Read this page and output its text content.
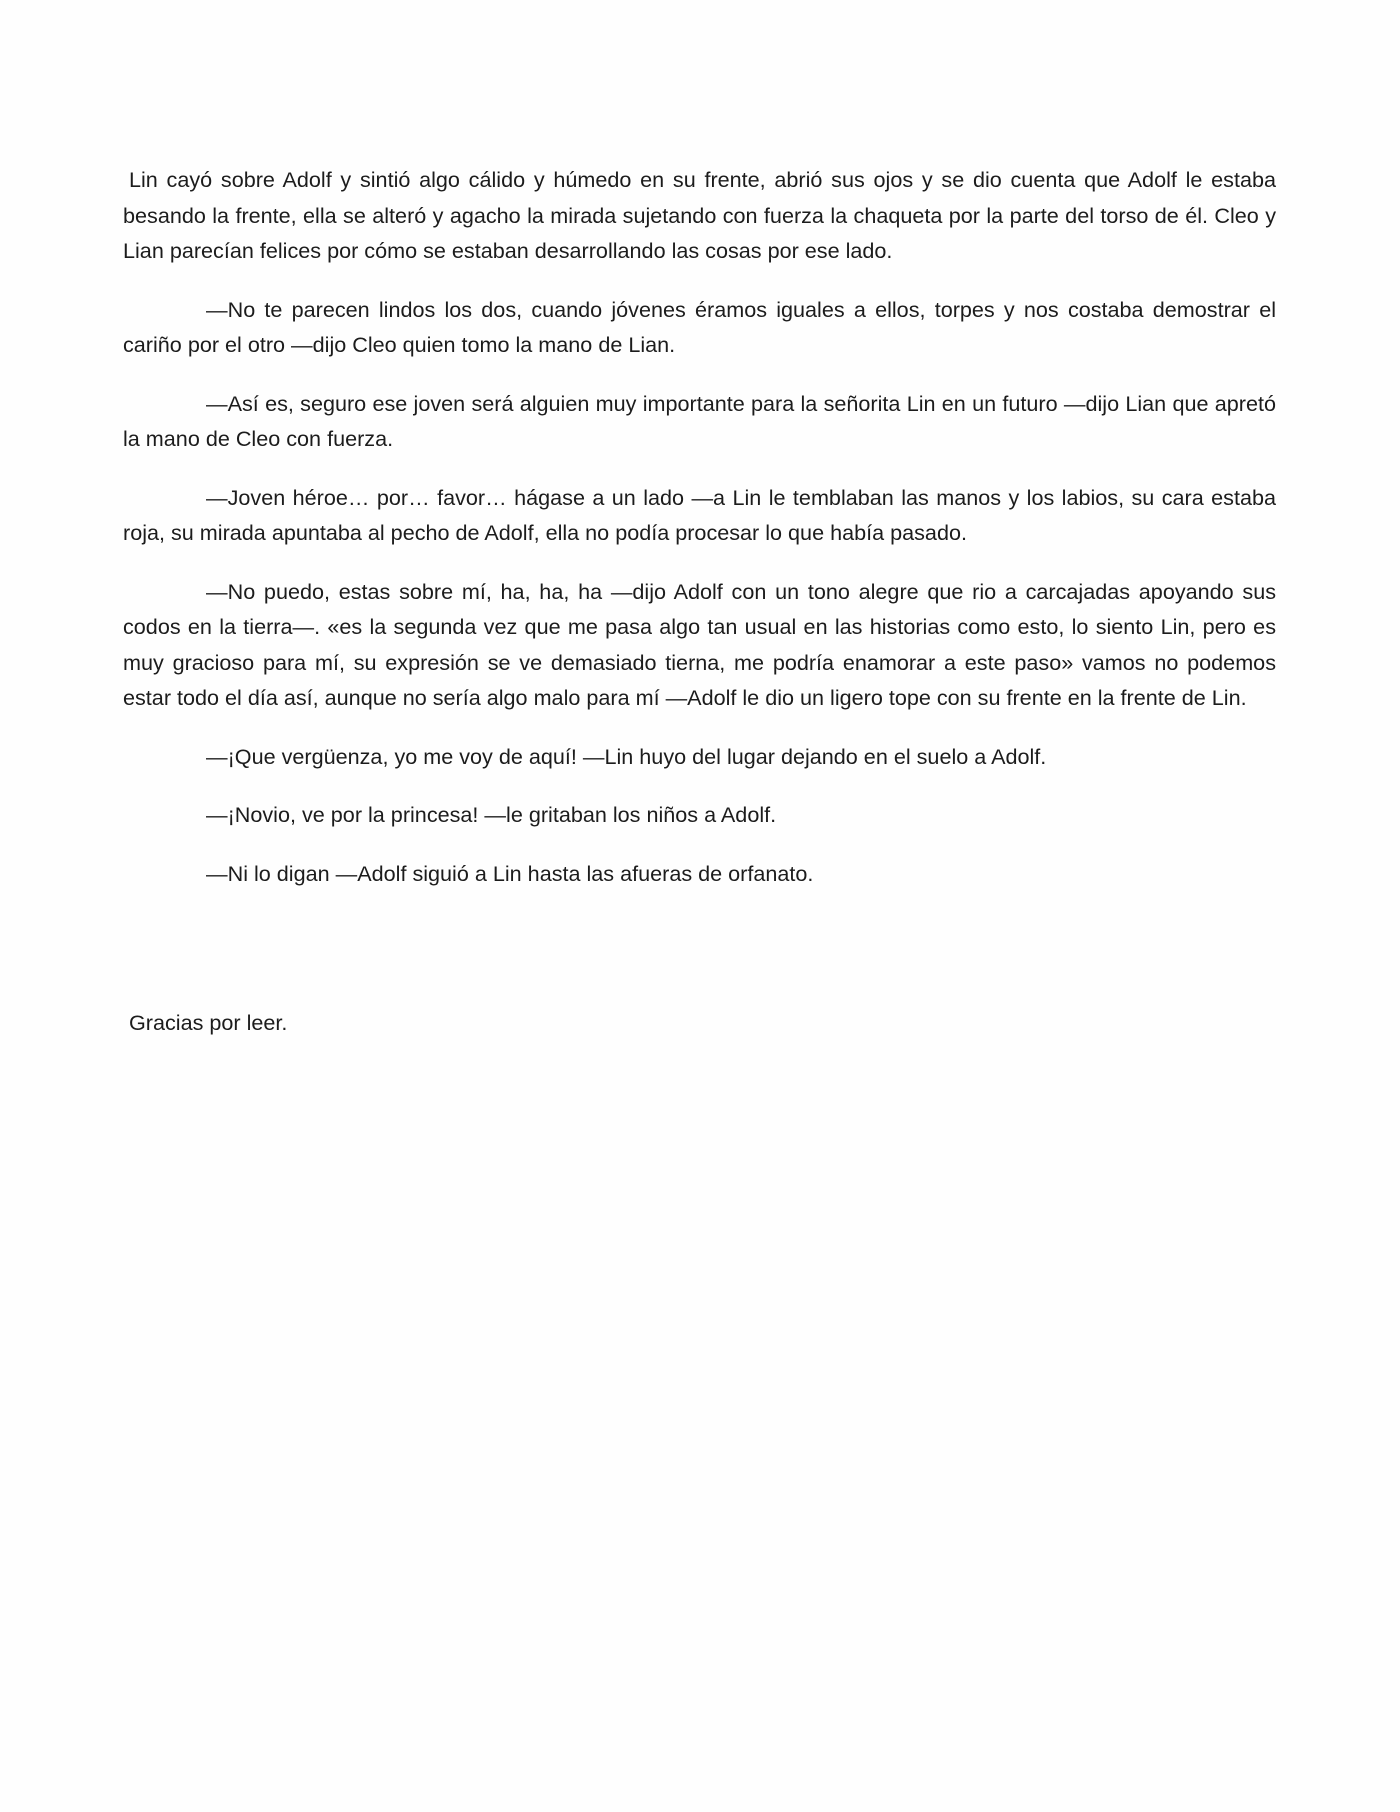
Lin cayó sobre Adolf y sintió algo cálido y húmedo en su frente, abrió sus ojos y se dio cuenta que Adolf le estaba besando la frente, ella se alteró y agacho la mirada sujetando con fuerza la chaqueta por la parte del torso de él. Cleo y Lian parecían felices por cómo se estaban desarrollando las cosas por ese lado.

—No te parecen lindos los dos, cuando jóvenes éramos iguales a ellos, torpes y nos costaba demostrar el cariño por el otro —dijo Cleo quien tomo la mano de Lian.

—Así es, seguro ese joven será alguien muy importante para la señorita Lin en un futuro —dijo Lian que apretó la mano de Cleo con fuerza.

—Joven héroe… por… favor… hágase a un lado —a Lin le temblaban las manos y los labios, su cara estaba roja, su mirada apuntaba al pecho de Adolf, ella no podía procesar lo que había pasado.

—No puedo, estas sobre mí, ha, ha, ha —dijo Adolf con un tono alegre que rio a carcajadas apoyando sus codos en la tierra—. «es la segunda vez que me pasa algo tan usual en las historias como esto, lo siento Lin, pero es muy gracioso para mí, su expresión se ve demasiado tierna, me podría enamorar a este paso» vamos no podemos estar todo el día así, aunque no sería algo malo para mí —Adolf le dio un ligero tope con su frente en la frente de Lin.

—¡Que vergüenza, yo me voy de aquí! —Lin huyo del lugar dejando en el suelo a Adolf.

—¡Novio, ve por la princesa! —le gritaban los niños a Adolf.

—Ni lo digan —Adolf siguió a Lin hasta las afueras de orfanato.

Gracias por leer.
